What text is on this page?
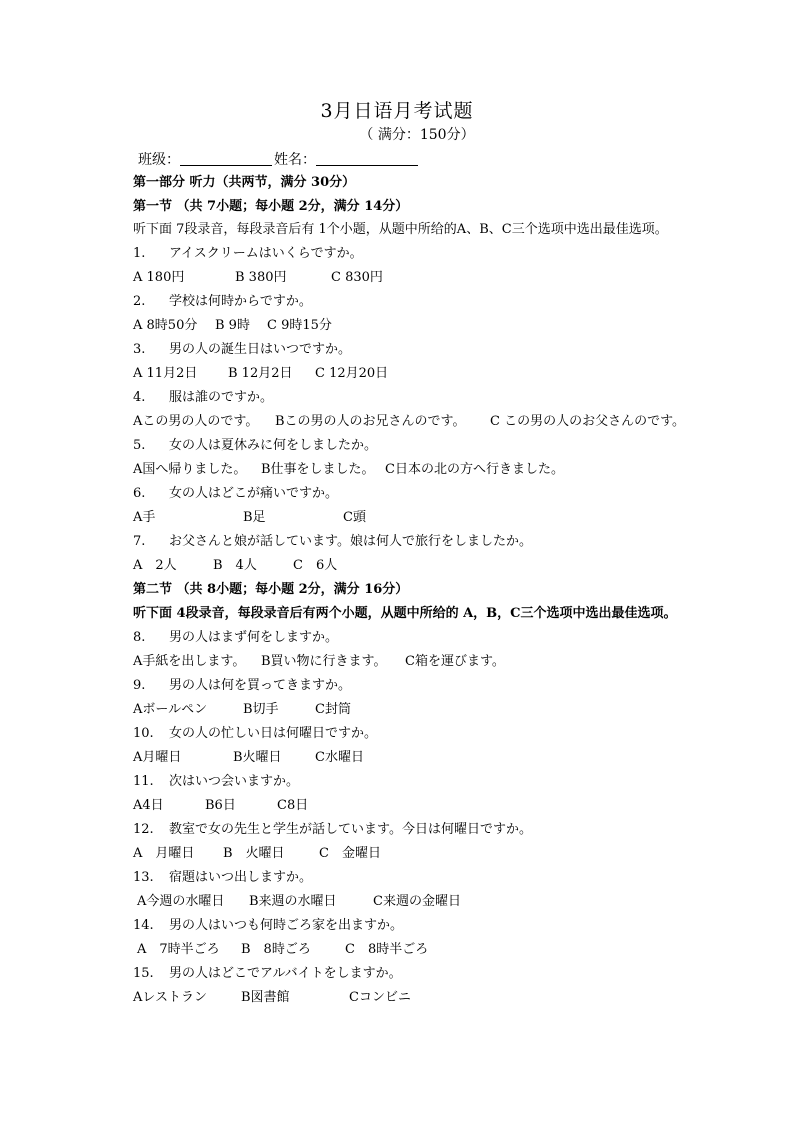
3月日语月考试题
（ 满分：150分）
班级：	姓名：
第一部分 听力（共两节，满分 30分）
第一节 （共 7小题；每小题 2分，满分 14分）
听下面 7段录音，每段录音后有 1个小题，从题中所给的A、B、C三个选项中选出最佳选项。
1. アイスクリームはいくらですか。
A 180円	B 380円	C 830円
2. 学校は何時からですか。
A 8時50分 B 9時 C 9時15分
3. 男の人の誕生日はいつですか。
A 11月2日 B 12月2日 C 12月20日
4. 服は誰のですか。
Aこの男の人のです。 Bこの男の人のお兄さんのです。 C この男の人のお父さんのです。
5. 女の人は夏休みに何をしましたか。
A国へ帰りました。 B仕事をしました。 C日本の北の方へ行きました。
6. 女の人はどこが痛いですか。
A手	B足	C頭
7. お父さんと娘が話しています。娘は何人で旅行をしましたか。
A　2人	B　4人	C　6人
第二节 （共 8小题；每小题 2分，满分 16分）
听下面 4段录音，每段录音后有两个小题，从题中所给的 A，B，C三个选项中选出最佳选项。
8. 男の人はまず何をしますか。
A手紙を出します。 B買い物に行きます。 C箱を運びます。
9. 男の人は何を買ってきますか。
Aボールペン	B切手	C封筒
10. 女の人の忙しい日は何曜日ですか。
A月曜日	B火曜日	C水曜日
11. 次はいつ会いますか。
A4日	B6日	C8日
12. 教室で女の先生と学生が話しています。今日は何曜日ですか。
A　月曜日 B　火曜日	C　金曜日
13. 宿題はいつ出しますか。
A今週の水曜日 B来週の水曜日	C来週の金曜日
14. 男の人はいつも何時ごろ家を出ますか。
A　7時半ごろ B　8時ごろ	C　8時半ごろ
15. 男の人はどこでアルバイトをしますか。
Aレストラン	B図書館	Cコンビニ
